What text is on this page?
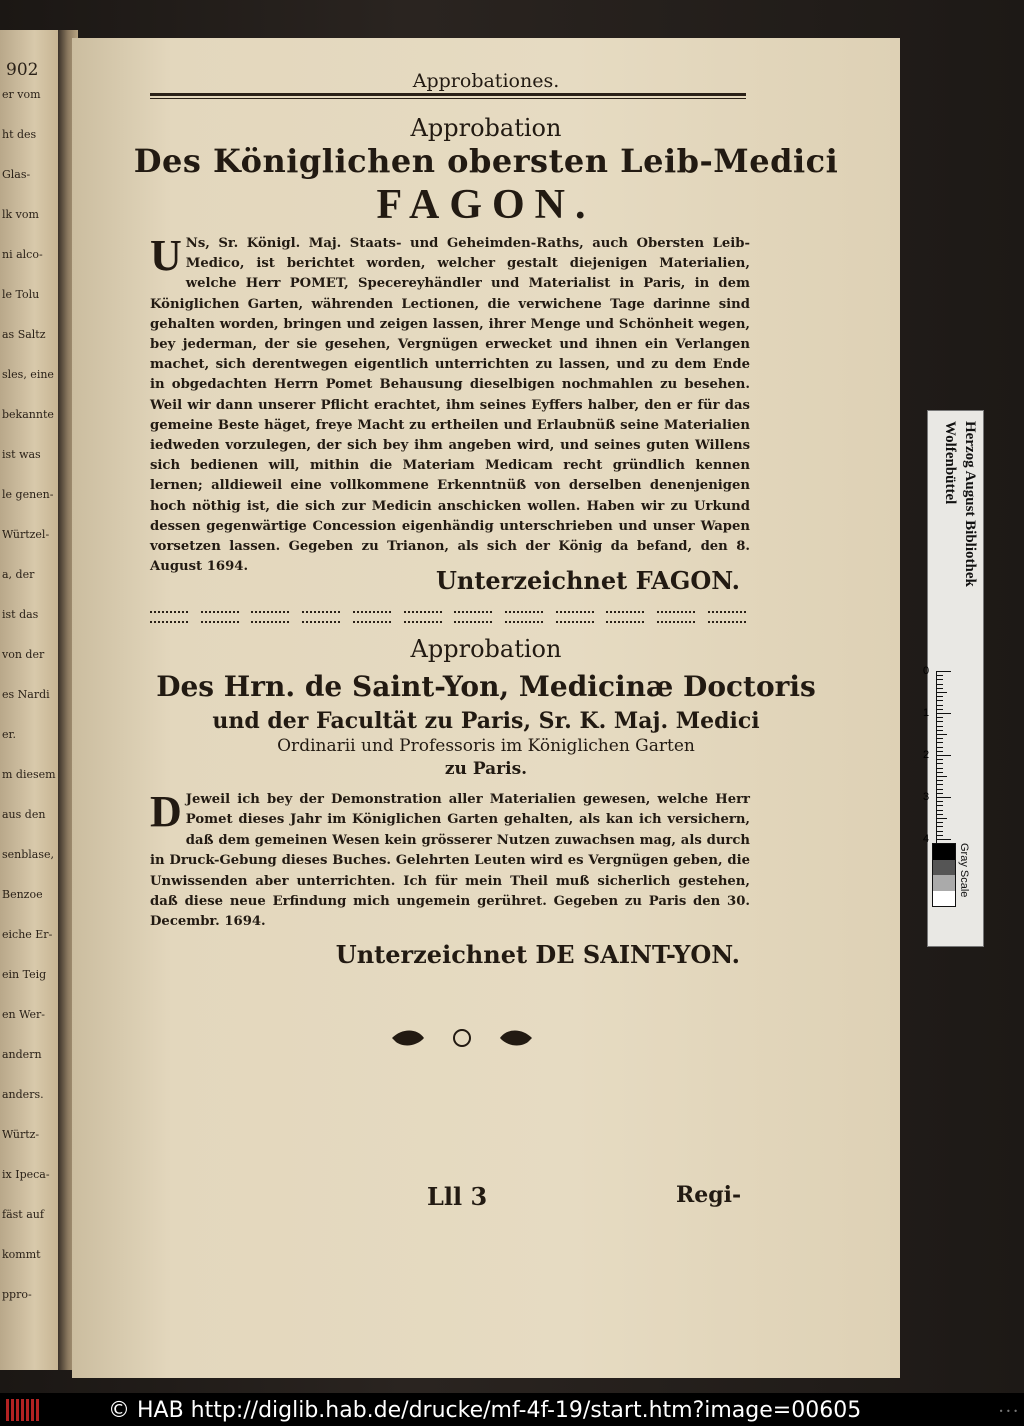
902
er vom
ht des
Glas-
lk vom
ni alco-
le Tolu
as Saltz
sles, eine
bekannte
ist was
le genen-
Würtzel-
a, der
ist das
von der
es Nardi
er.
m diesem
aus den
senblase,
Benzoe
eiche Er-
ein Teig
en Wer-
andern
anders.
Würtz-
ix Ipeca-
fäst auf
kommt
ppro-
Approbationes.
Approbation
Des Königlichen obersten Leib-Medici
FAGON.
U Ns, Sr. Königl. Maj. Staats- und Geheimden-Raths, auch Obersten Leib-Medico, ist berichtet worden, welcher gestalt diejenigen Materialien, welche Herr POMET, Specereyhändler und Materialist in Paris, in dem Königlichen Garten, währenden Lectionen, die verwichene Tage darinne sind gehalten worden, bringen und zeigen lassen, ihrer Menge und Schönheit wegen, bey jederman, der sie gesehen, Vergnügen erwecket und ihnen ein Verlangen machet, sich derentwegen eigentlich unterrichten zu lassen, und zu dem Ende in obgedachten Herrn Pomet Behausung dieselbigen nochmahlen zu besehen. Weil wir dann unserer Pflicht erachtet, ihm seines Eyffers halber, den er für das gemeine Beste häget, freye Macht zu ertheilen und Erlaubnüß seine Materialien iedweden vorzulegen, der sich bey ihm angeben wird, und seines guten Willens sich bedienen will, mithin die Materiam Medicam recht gründlich kennen lernen; alldieweil eine vollkommene Erkenntnüß von derselben denenjenigen hoch nöthig ist, die sich zur Medicin anschicken wollen. Haben wir zu Urkund dessen gegenwärtige Concession eigenhändig unterschrieben und unser Wapen vorsetzen lassen. Gegeben zu Trianon, als sich der König da befand, den 8. August 1694.	Unterzeichnet FAGON.
Approbation
Des Hrn. de Saint-Yon, Medicinæ Doctoris
und der Facultät zu Paris, Sr. K. Maj. Medici
Ordinarii und Professoris im Königlichen Garten
zu Paris.
D Jeweil ich bey der Demonstration aller Materialien gewesen, welche Herr Pomet dieses Jahr im Königlichen Garten gehalten, als kan ich versichern, daß dem gemeinen Wesen kein grösserer Nutzen zuwachsen mag, als durch in Druck-Gebung dieses Buches. Gelehrten Leuten wird es Vergnügen geben, die Unwissenden aber unterrichten. Ich für mein Theil muß sicherlich gestehen, daß diese neue Erfindung mich ungemein gerühret. Gegeben zu Paris den 30. Decembr. 1694.
Unterzeichnet DE SAINT-YON.
Lll 3	Regi-
Herzog August Bibliothek
Wolfenbüttel
0
1
2
3
4
Gray Scale
© HAB http://diglib.hab.de/drucke/mf-4f-19/start.htm?image=00605	• • •
